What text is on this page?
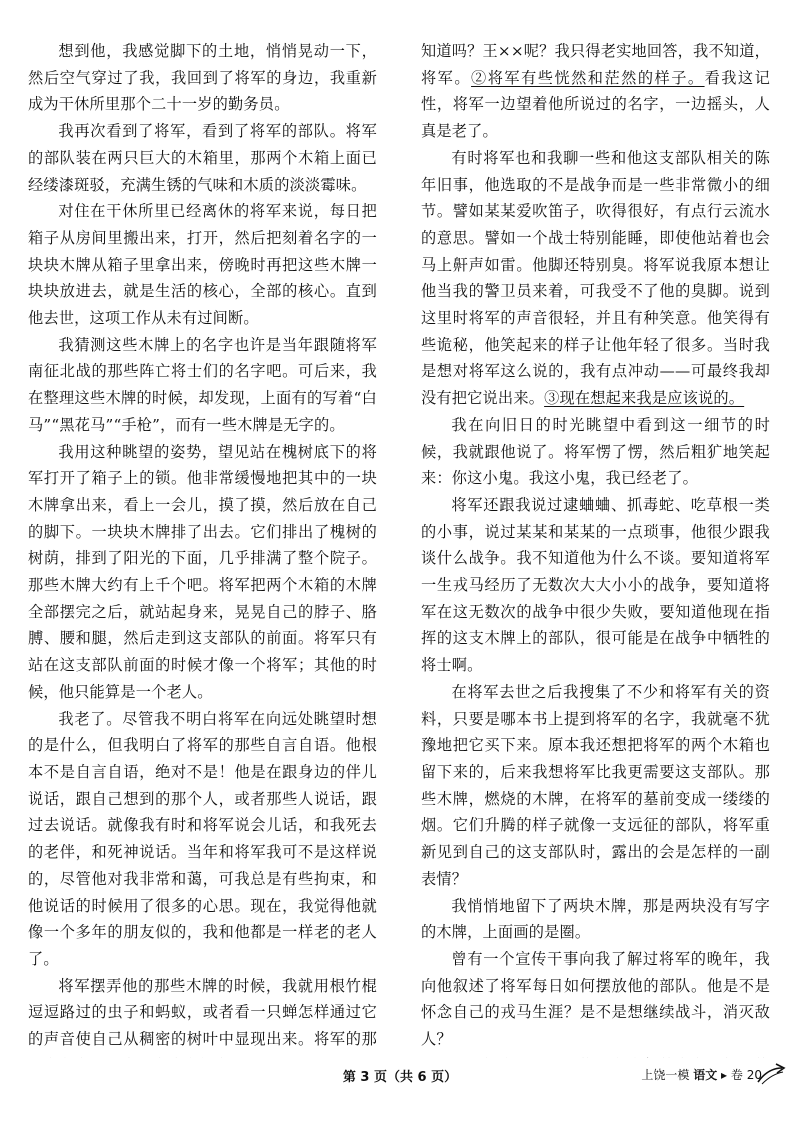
想到他，我感觉脚下的土地，悄悄晃动一下，然后空气穿过了我，我回到了将军的身边，我重新成为干休所里那个二十一岁的勤务员。

我再次看到了将军，看到了将军的部队。将军的部队装在两只巨大的木箱里，那两个木箱上面已经缕漆斑驳，充满生锈的气味和木质的淡淡霉味。

对住在干休所里已经离休的将军来说，每日把箱子从房间里搬出来，打开，然后把刻着名字的一块块木牌从箱子里拿出来，傍晚时再把这些木牌一块块放进去，就是生活的核心，全部的核心。直到他去世，这项工作从未有过间断。

我猜测这些木牌上的名字也许是当年跟随将军南征北战的那些阵亡将士们的名字吧。可后来，我在整理这些木牌的时候，却发现，上面有的写着“白马”“黑花马”“手枪”，而有一些木牌是无字的。

我用这种眺望的姿势，望见站在槐树底下的将军打开了箱子上的锁。他非常缓慢地把其中的一块木牌拿出来，看上一会儿，摸了摸，然后放在自己的脚下。一块块木牌排了出去。它们排出了槐树的树荫，排到了阳光的下面，几乎排满了整个院子。那些木牌大约有上千个吧。将军把两个木箱的木牌全部摆完之后，就站起身来，晃晃自己的脖子、胳膊、腰和腿，然后走到这支部队的前面。将军只有站在这支部队前面的时候才像一个将军；其他的时候，他只能算是一个老人。

我老了。尽管我不明白将军在向远处眺望时想的是什么，但我明白了将军的那些自言自语。他根本不是自言自语，绝对不是！他是在跟身边的伴儿说话，跟自己想到的那个人，或者那些人说话，跟过去说话。就像我有时和将军说会儿话，和我死去的老伴，和死神说话。当年和将军我可不是这样说的，尽管他对我非常和蔼，可我总是有些拘束，和他说话的时候用了很多的心思。现在，我觉得他就像一个多年的朋友似的，我和他都是一样老的老人了。

将军摆弄他的那些木牌的时候，我就用根竹棍逗逗路过的虫子和蚂蚁，或者看一只蝉怎样通过它的声音使自己从稠密的树叶中显现出来。将军的那

知道吗？王××呢？我只得老实地回答，我不知道，将军。②将军有些恍然和茫然的样子。看我这记性，将军一边望着他所说过的名字，一边摇头，人真是老了。

有时将军也和我聊一些和他这支部队相关的陈年旧事，他选取的不是战争而是一些非常微小的细节。譬如某某爱吹笛子，吹得很好，有点行云流水的意思。譬如一个战士特别能睡，即使他站着也会马上鼾声如雷。他脚还特别臭。将军说我原本想让他当我的警卫员来着，可我受不了他的臭脚。说到这里时将军的声音很轻，并且有种笑意。他笑得有些诡秘，他笑起来的样子让他年轻了很多。当时我是想对将军这么说的，我有点冲动——可最终我却没有把它说出来。③现在想起来我是应该说的。

我在向旧日的时光眺望中看到这一细节的时候，我就跟他说了。将军愣了愣，然后粗犷地笑起来：你这小鬼。我这小鬼，我已经老了。

将军还跟我说过逮蛐蛐、抓毒蛇、吃草根一类的小事，说过某某和某某的一点琐事，他很少跟我谈什么战争。我不知道他为什么不谈。要知道将军一生戎马经历了无数次大大小小的战争，要知道将军在这无数次的战争中很少失败，要知道他现在指挥的这支木牌上的部队，很可能是在战争中牺牲的将士啊。

在将军去世之后我搜集了不少和将军有关的资料，只要是哪本书上提到将军的名字，我就毫不犹豫地把它买下来。原本我还想把将军的两个木箱也留下来的，后来我想将军比我更需要这支部队。那些木牌，燃烧的木牌，在将军的墓前变成一缕缕的烟。它们升腾的样子就像一支远征的部队，将军重新见到自己的这支部队时，露出的会是怎样的一副表情？

我悄悄地留下了两块木牌，那是两块没有写字的木牌，上面画的是圈。

曾有一个宣传干事向我了解过将军的晚年，我向他叙述了将军每日如何摆放他的部队。他是不是怀念自己的戎马生涯？是不是想继续战斗，消灭敌人？

第 3 页（共 6 页）	上饶一模 语文 ▸ 卷 20
